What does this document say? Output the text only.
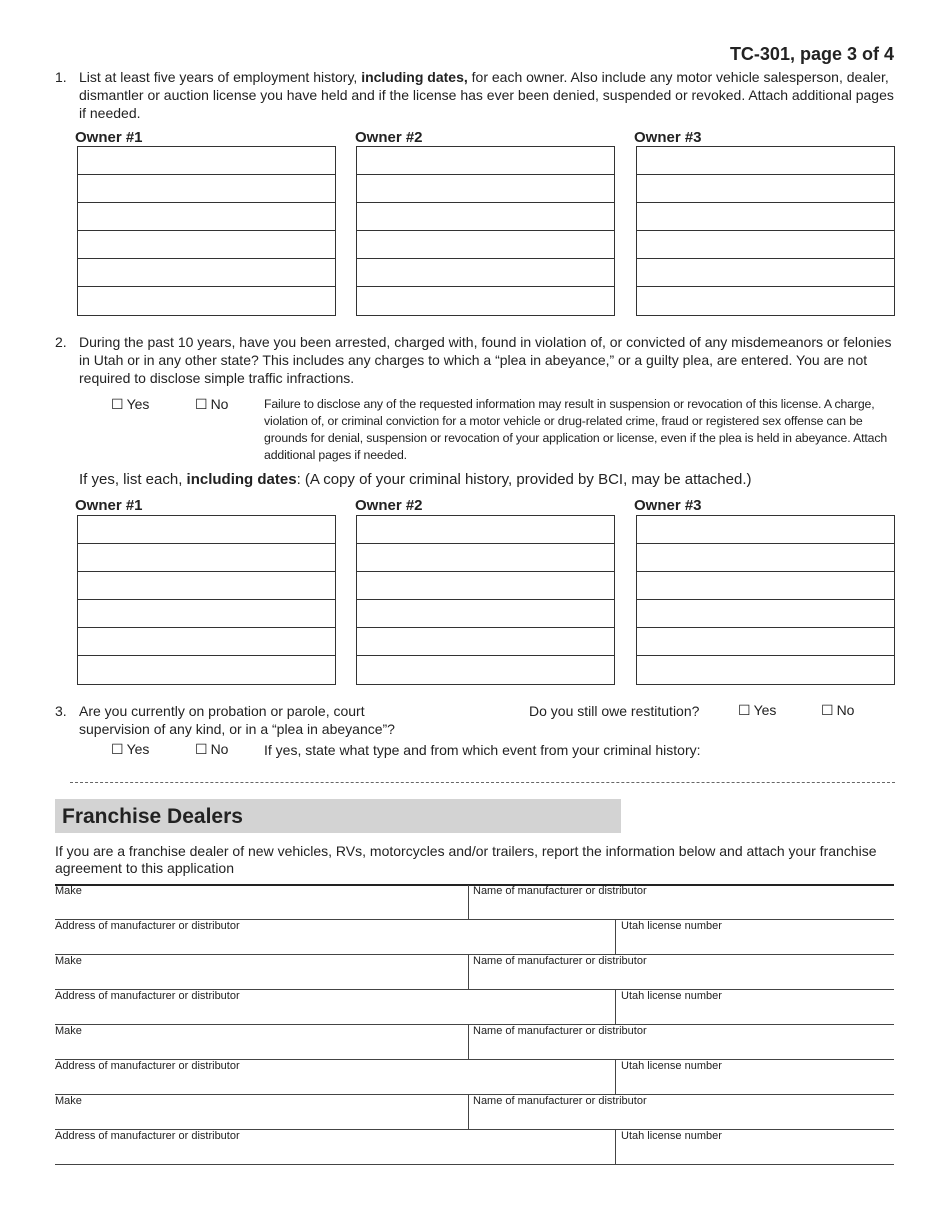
TC-301, page 3 of 4
1. List at least five years of employment history, including dates, for each owner. Also include any motor vehicle salesperson, dealer, dismantler or auction license you have held and if the license has ever been denied, suspended or revoked. Attach additional pages if needed.
Owner #1	Owner #2	Owner #3
2. During the past 10 years, have you been arrested, charged with, found in violation of, or convicted of any misdemeanors or felonies in Utah or in any other state? This includes any charges to which a “plea in abeyance,” or a guilty plea, are entered. You are not required to disclose simple traffic infractions.
☐ Yes	☐ No	Failure to disclose any of the requested information may result in suspension or revocation of this license. A charge, violation of, or criminal conviction for a motor vehicle or drug-related crime, fraud or registered sex offense can be grounds for denial, suspension or revocation of your application or license, even if the plea is held in abeyance. Attach additional pages if needed.
If yes, list each, including dates: (A copy of your criminal history, provided by BCI, may be attached.)
Owner #1	Owner #2	Owner #3
3. Are you currently on probation or parole, court supervision of any kind, or in a “plea in abeyance”?
Do you still owe restitution?	☐ Yes	☐ No
☐ Yes	☐ No	If yes, state what type and from which event from your criminal history:
Franchise Dealers
If you are a franchise dealer of new vehicles, RVs, motorcycles and/or trailers, report the information below and attach your franchise agreement to this application
Make	Name of manufacturer or distributor
Address of manufacturer or distributor	Utah license number
Make	Name of manufacturer or distributor
Address of manufacturer or distributor	Utah license number
Make	Name of manufacturer or distributor
Address of manufacturer or distributor	Utah license number
Make	Name of manufacturer or distributor
Address of manufacturer or distributor	Utah license number
